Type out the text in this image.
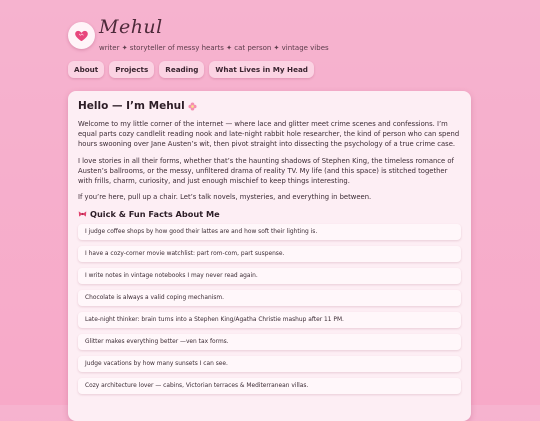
Mehul
writer ✦ storyteller of messy hearts ✦ cat person ✦ vintage vibes
About	Projects	Reading	What Lives in My Head
Hello — I’m Mehul

Welcome to my little corner of the internet — where lace and glitter meet crime scenes and confessions. I’m equal parts cozy candlelit reading nook and late-night rabbit hole researcher, the kind of person who can spend hours swooning over Jane Austen’s wit, then pivot straight into dissecting the psychology of a true crime case.

I love stories in all their forms, whether that’s the haunting shadows of Stephen King, the timeless romance of Austen’s ballrooms, or the messy, unfiltered drama of reality TV. My life (and this space) is stitched together with frills, charm, curiosity, and just enough mischief to keep things interesting.

If you’re here, pull up a chair. Let’s talk novels, mysteries, and everything in between.

Quick & Fun Facts About Me
I judge coffee shops by how good their lattes are and how soft their lighting is.
I have a cozy-corner movie watchlist: part rom-com, part suspense.
I write notes in vintage notebooks I may never read again.
Chocolate is always a valid coping mechanism.
Late-night thinker: brain turns into a Stephen King/Agatha Christie mashup after 11 PM.
Glitter makes everything better —ven tax forms.
Judge vacations by how many sunsets I can see.
Cozy architecture lover — cabins, Victorian terraces & Mediterranean villas.
